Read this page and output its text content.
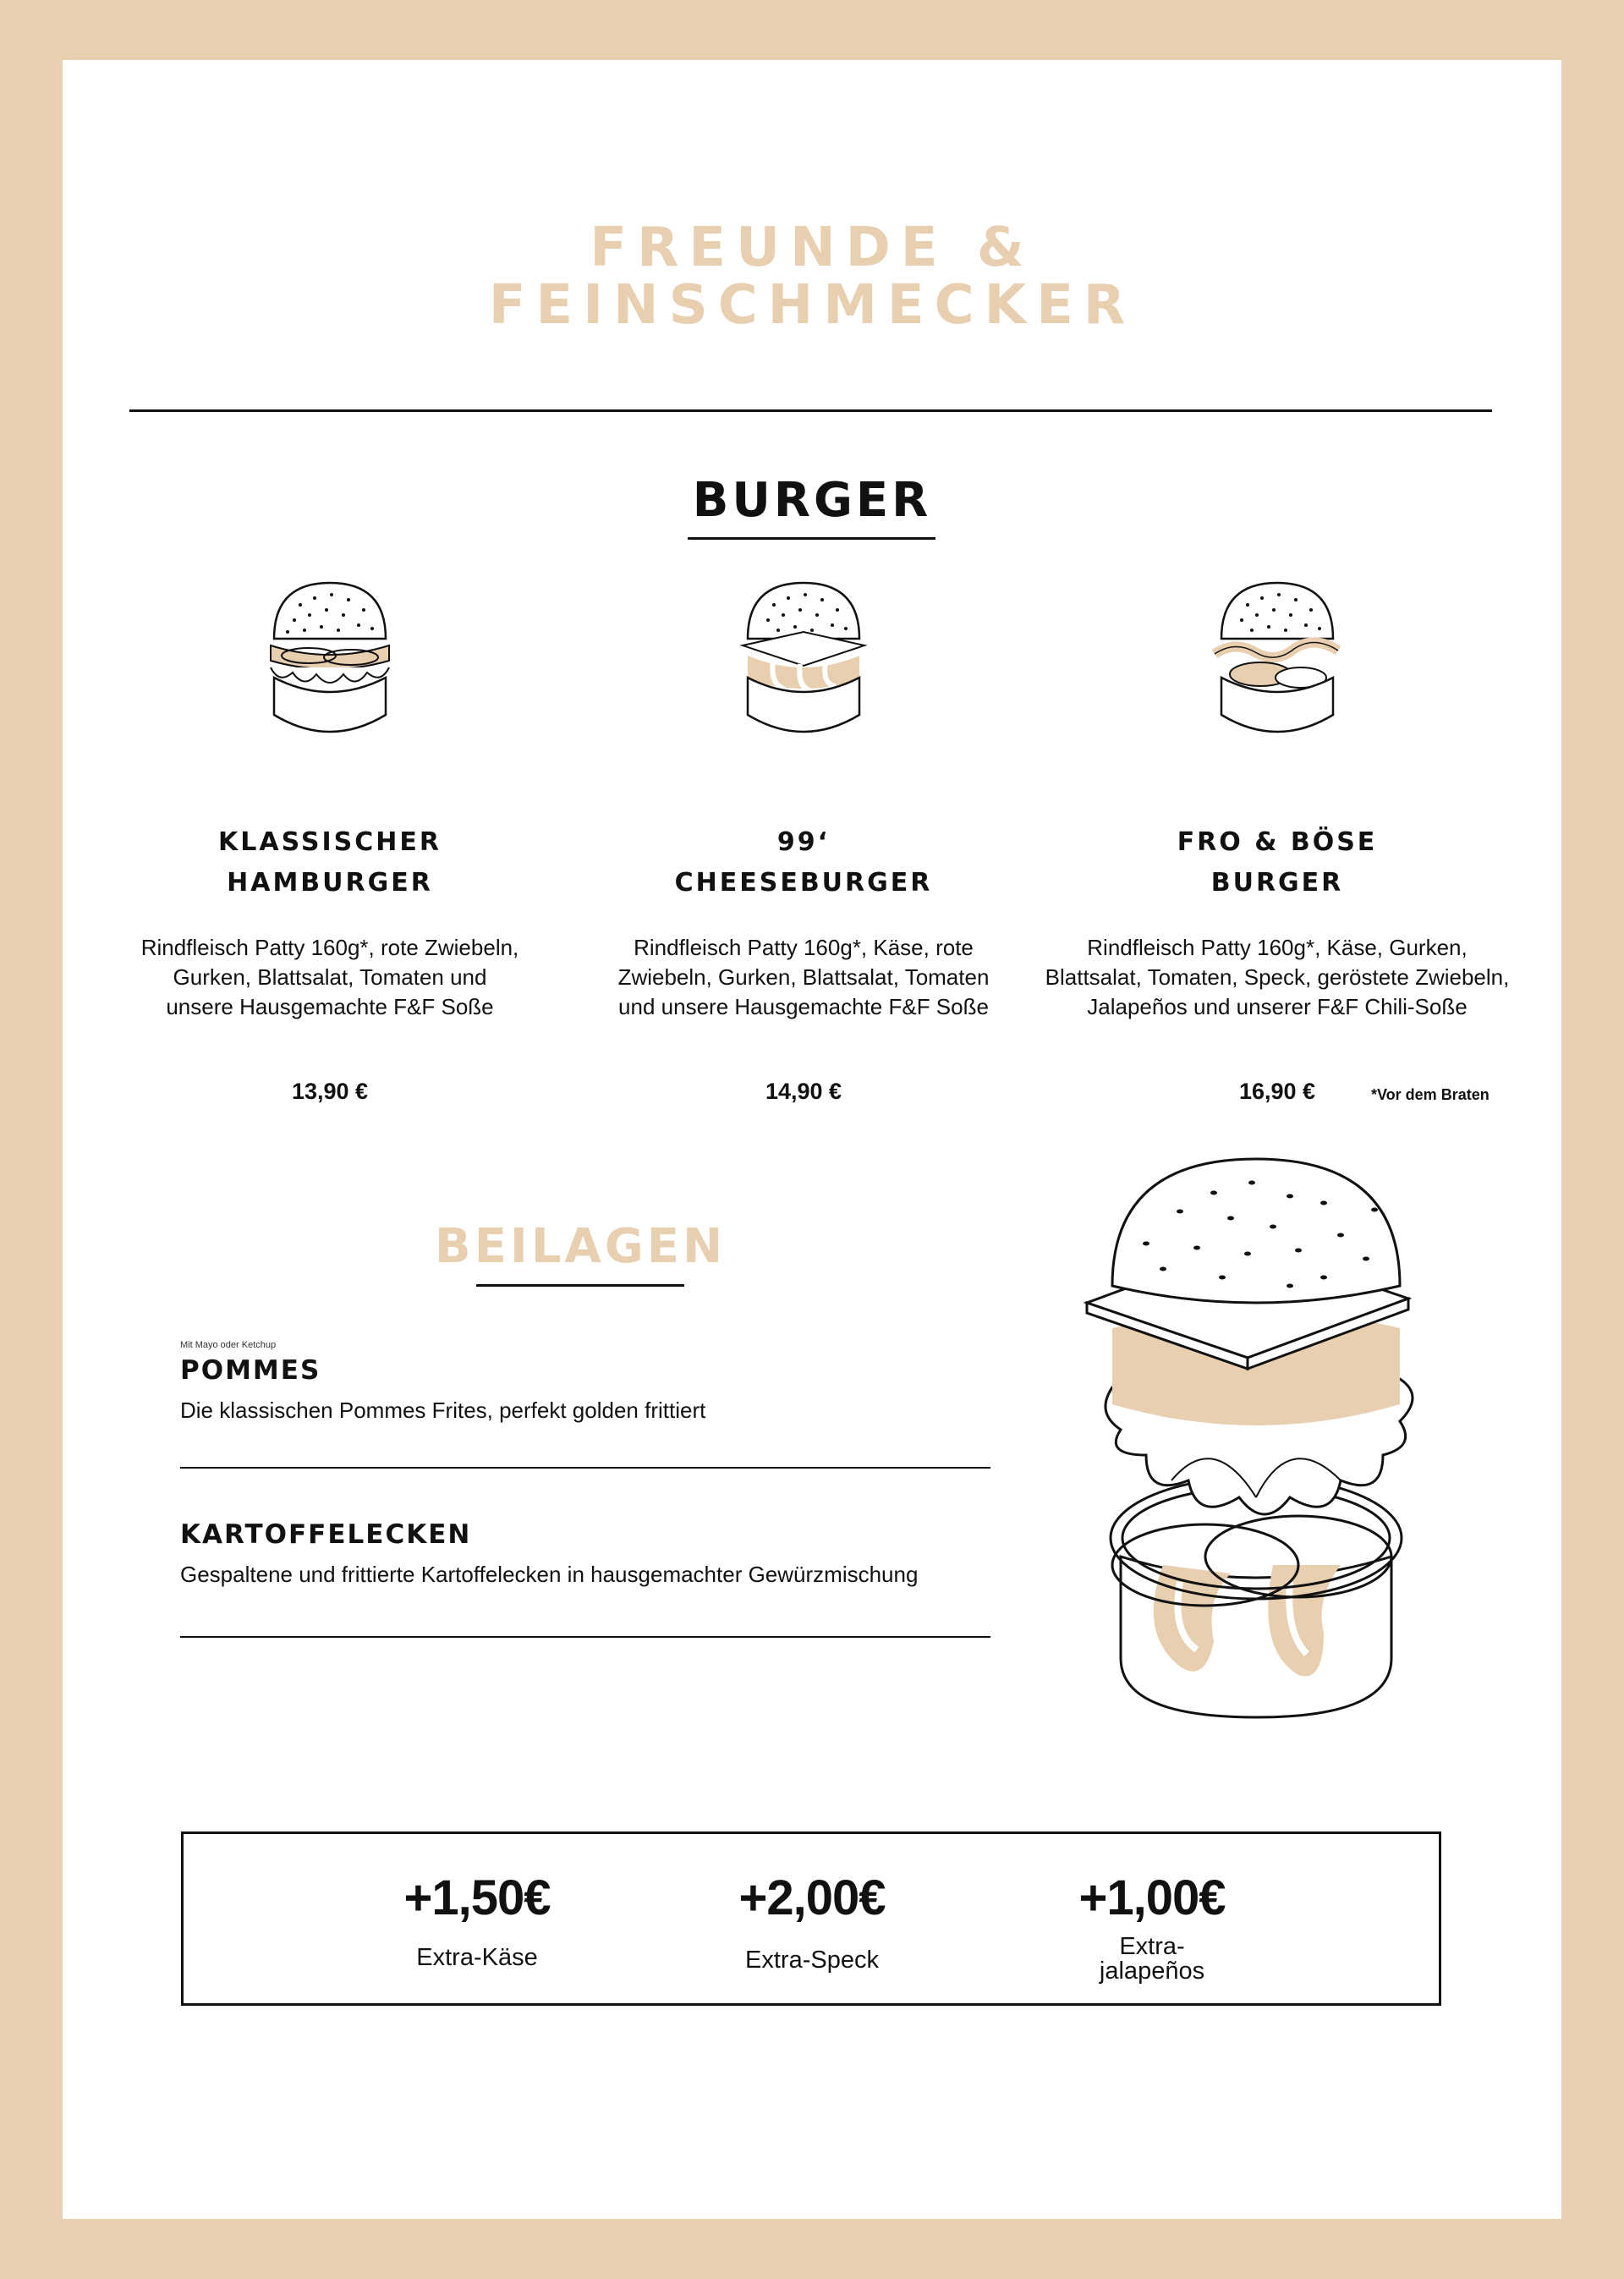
FREUNDE &
FEINSCHMECKER
BURGER
KLASSISCHER
HAMBURGER
99‘
CHEESEBURGER
FRO & BÖSE
BURGER
Rindfleisch Patty 160g*, rote Zwiebeln,
Gurken, Blattsalat, Tomaten und
unsere Hausgemachte F&F Soße
Rindfleisch Patty 160g*, Käse, rote
Zwiebeln, Gurken, Blattsalat, Tomaten
und unsere Hausgemachte F&F Soße
Rindfleisch Patty 160g*, Käse, Gurken,
Blattsalat, Tomaten, Speck, geröstete Zwiebeln,
Jalapeños und unserer F&F Chili-Soße
13,90 €	14,90 €	16,90 €	*Vor dem Braten
BEILAGEN
Mit Mayo oder Ketchup
POMMES
Die klassischen Pommes Frites, perfekt golden frittiert
KARTOFFELECKEN
Gespaltene und frittierte Kartoffelecken in hausgemachter Gewürzmischung
+1,50€
Extra-Käse
+2,00€
Extra-Speck
+1,00€
Extra-
jalapeños
